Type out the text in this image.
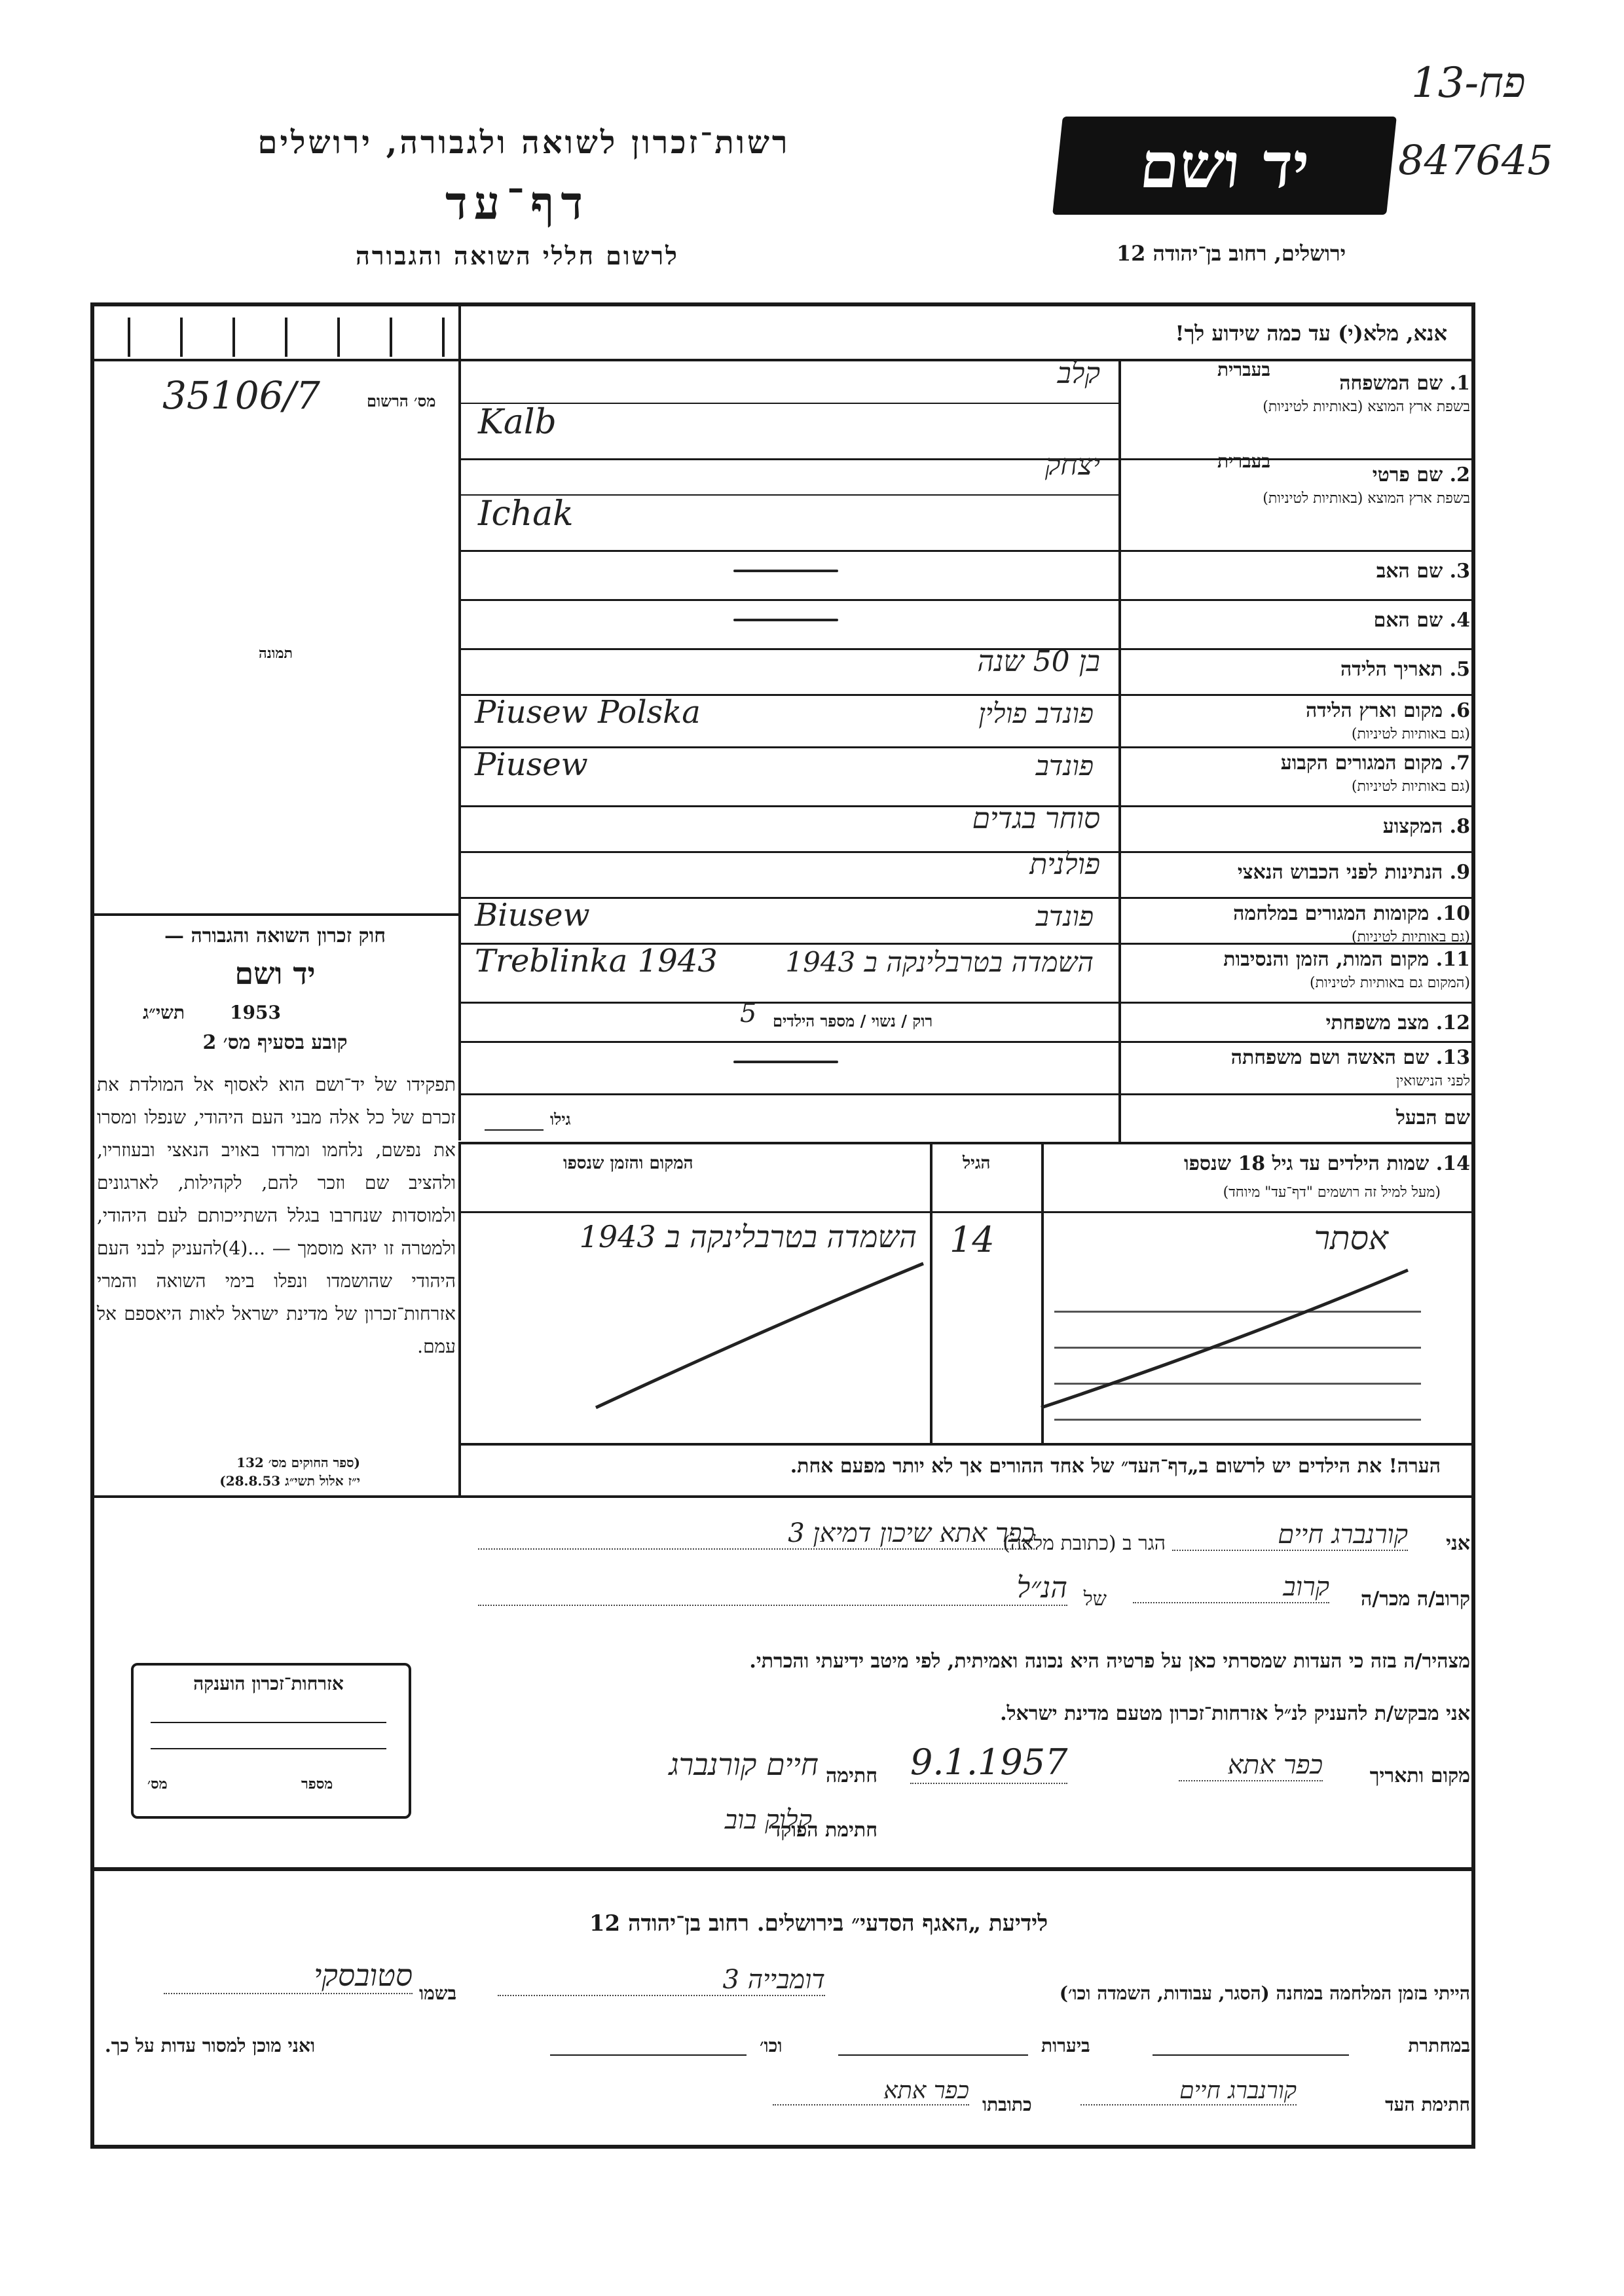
פח-13
847645
רשות־זכרון לשואה ולגבורה, ירושלים
דף־עד
לרשום חללי השואה והגבורה
יד ושם
ירושלים, רחוב בן־יהודה 12
אנא, מלא(י) עד כמה שידוע לך!
מס׳ הרשום
35106/7
תמונה
1. שם המשפחה
בשפת ארץ המוצא (באותיות לטיניות)
בעברית
קלב
Kalb
2. שם פרטי
בשפת ארץ המוצא (באותיות לטיניות)
בעברית
יצחק
Ichak
3. שם האב
4. שם האם
5. תאריך הלידה
בן 50 שנה
6. מקום וארץ הלידה
(גם באותיות לטיניות)
פונדב פולין
Piusew Polska
7. מקום המגורים הקבוע
(גם באותיות לטיניות)
פונדב
Piusew
8. המקצוע
סוחר בגדים
9. הנתינות לפני הכבוש הנאצי
פולנית
10. מקומות המגורים במלחמה
(גם באותיות לטיניות)
פונדב
Biusew
11. מקום המות, הזמן והנסיבות
(המקום גם באותיות לטיניות)
השמדה בטרבלינקה ב 1943
Treblinka 1943
12. מצב משפחתי
רוק / נשוי / מספר הילדים
5
13. שם האשה ושם משפחתה
לפני הנישואין
שם הבעל
גילו
חוק זכרון השואה והגבורה —
יד ושם
תשי״ג	1953
קובע בסעיף מס׳ 2
תפקידו של יד־ושם הוא לאסוף אל המולדת את זכרם של כל אלה מבני העם היהודי, שנפלו ומסרו את נפשם, נלחמו ומרדו באויב הנאצי ובעוזריו, ולהציב שם וזכר להם, לקהילות, לארגונים ולמוסדות שנחרבו בגלל השתייכותם לעם היהודי, ולמטרה זו יהא מוסמך — ...(4)להעניק לבני העם היהודי שהושמדו ונפלו בימי השואה והמרי אזרחות־זכרון של מדינת ישראל לאות היאספם אל עמם.
(ספר החוקים מס׳ 132
י״ז אלול תשי״ג 28.8.53)
14. שמות הילדים עד גיל 18 שנספו
(מעל למיל זה רושמים "דף־עד" מיוחד)
הגיל
המקום והזמן שנספו
אסתר
14
השמדה בטרבלינקה ב 1943
הערה! את הילדים יש לרשום ב„דף־העד״ של אחד ההורים אך לא יותר מפעם אחת.
אני
קורנברג חיים
הגר ב (כתובת מלאה)
כפר אתא שיכון דמיאן 3
קרוב/ה מכר/ה
קרוב
של
הנ״ל
מצהיר/ה בזה כי העדות שמסרתי כאן על פרטיה היא נכונה ואמיתית, לפי מיטב ידיעתי והכרתי.
אני מבקש/ת להעניק לנ״ל אזרחות־זכרון מטעם מדינת ישראל.
מקום ותאריך
כפר אתא
9.1.1957
חתימה
חיים קורנברג
חתימת הפוקד
קלוק בוב
אזרחות־זכרון הוענקה
מספר
מס׳
לידיעת „האגף הסדעי״ בירושלים. רחוב בן־יהודה 12
הייתי בזמן המלחמה במחנה (הסגר, עבודות, השמדה וכו׳)
דומבייה 3
בשמו
סטובסקי
במחתרת
ביערות
וכו׳
ואני מוכן למסור עדות על כך.
חתימת העד
קורנברג חיים
כתובתו
כפר אתא
